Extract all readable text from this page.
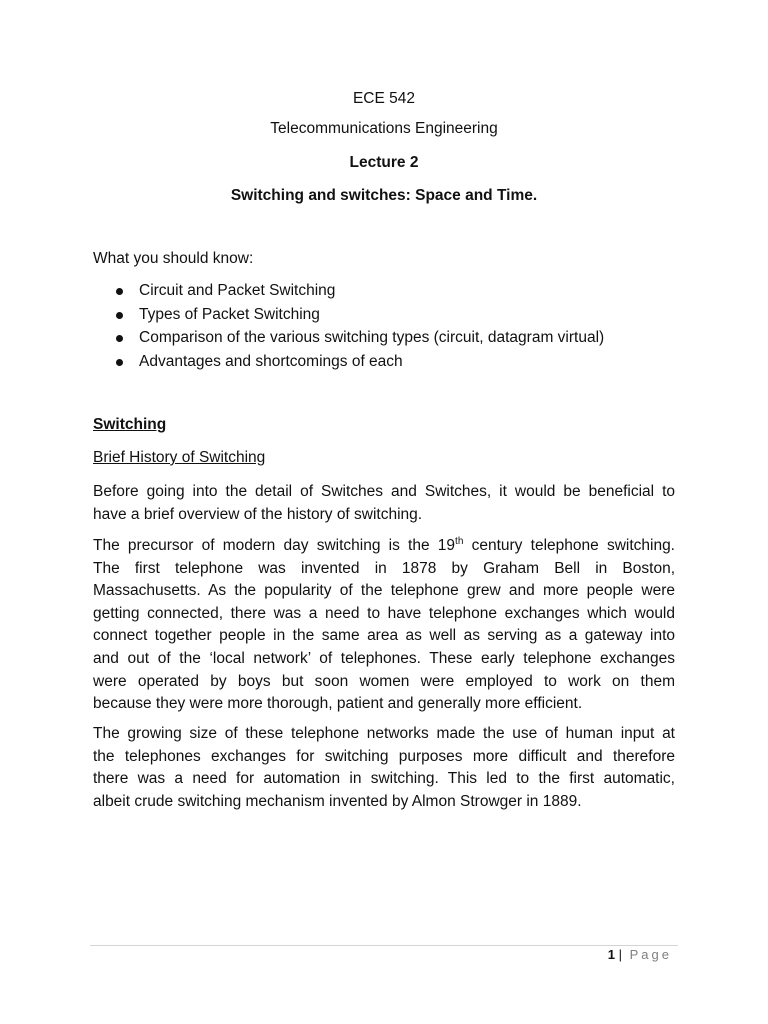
ECE 542
Telecommunications Engineering
Lecture 2
Switching and switches: Space and Time.
What you should know:
Circuit and Packet Switching
Types of Packet Switching
Comparison of the various switching types (circuit, datagram virtual)
Advantages and shortcomings of each
Switching
Brief History of Switching
Before going into the detail of Switches and Switches, it would be beneficial to
have a brief overview of the history of switching.
The precursor of modern day switching is the 19th century telephone switching.
The first telephone was invented in 1878 by Graham Bell in Boston,
Massachusetts. As the popularity of the telephone grew and more people were
getting connected, there was a need to have telephone exchanges which would
connect together people in the same area as well as serving as a gateway into
and out of the ‘local network’ of telephones. These early telephone exchanges
were operated by boys but soon women were employed to work on them
because they were more thorough, patient and generally more efficient.
The growing size of these telephone networks made the use of human input at
the telephones exchanges for switching purposes more difficult and therefore
there was a need for automation in switching. This led to the first automatic,
albeit crude switching mechanism invented by Almon Strowger in 1889.
1 | Page
